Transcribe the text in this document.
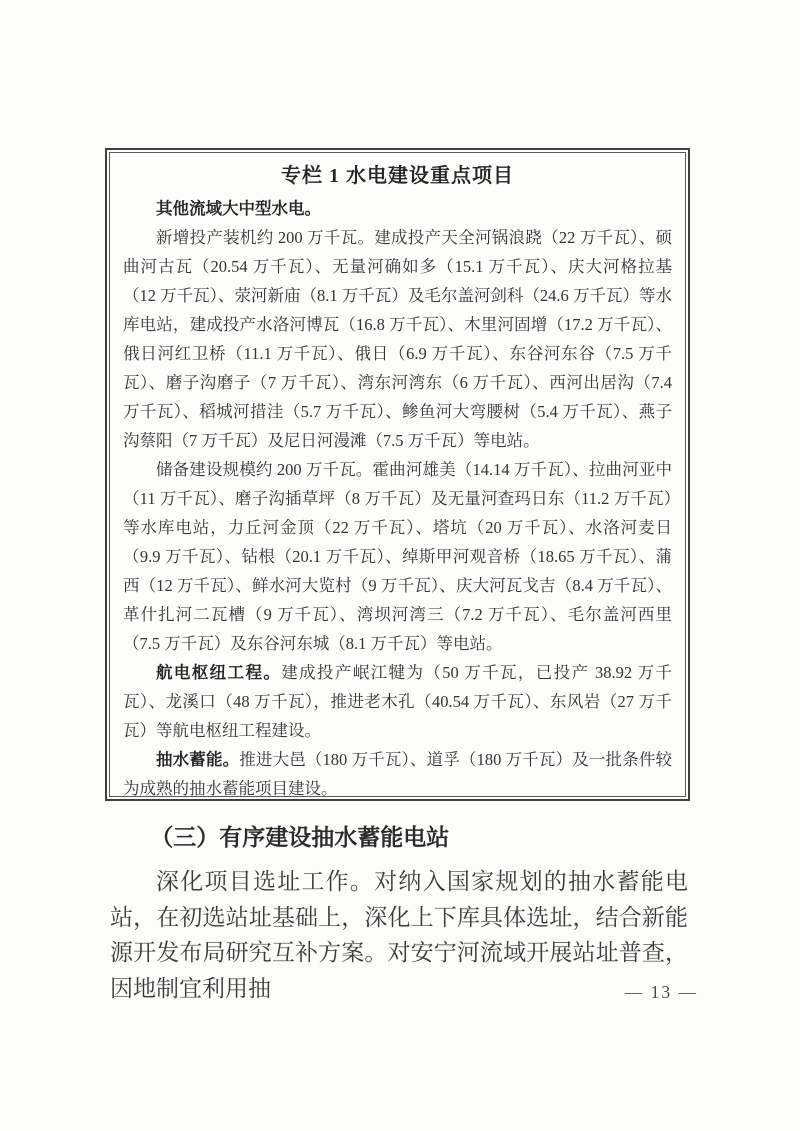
专栏 1 水电建设重点项目

其他流域大中型水电。

新增投产装机约 200 万千瓦。建成投产天全河锅浪跷（22 万千瓦）、硕曲河古瓦（20.54 万千瓦）、无量河确如多（15.1 万千瓦）、庆大河格拉基（12 万千瓦）、荥河新庙（8.1 万千瓦）及毛尔盖河剑科（24.6 万千瓦）等水库电站，建成投产水洛河博瓦（16.8 万千瓦）、木里河固增（17.2 万千瓦）、俄日河红卫桥（11.1 万千瓦）、俄日（6.9 万千瓦）、东谷河东谷（7.5 万千瓦）、磨子沟磨子（7 万千瓦）、湾东河湾东（6 万千瓦）、西河出居沟（7.4 万千瓦）、稻城河措洼（5.7 万千瓦）、鲹鱼河大弯腰树（5.4 万千瓦）、燕子沟蔡阳（7 万千瓦）及尼日河漫滩（7.5 万千瓦）等电站。

储备建设规模约 200 万千瓦。霍曲河雄美（14.14 万千瓦）、拉曲河亚中（11 万千瓦）、磨子沟插草坪（8 万千瓦）及无量河查玛日东（11.2 万千瓦）等水库电站，力丘河金顶（22 万千瓦）、塔坑（20 万千瓦）、水洛河麦日（9.9 万千瓦）、钻根（20.1 万千瓦）、绰斯甲河观音桥（18.65 万千瓦）、蒲西（12 万千瓦）、鲜水河大览村（9 万千瓦）、庆大河瓦戈吉（8.4 万千瓦）、革什扎河二瓦槽（9 万千瓦）、湾坝河湾三（7.2 万千瓦）、毛尔盖河西里（7.5 万千瓦）及东谷河东城（8.1 万千瓦）等电站。

航电枢纽工程。建成投产岷江犍为（50 万千瓦，已投产 38.92 万千瓦）、龙溪口（48 万千瓦），推进老木孔（40.54 万千瓦）、东风岩（27 万千瓦）等航电枢纽工程建设。

抽水蓄能。推进大邑（180 万千瓦）、道孚（180 万千瓦）及一批条件较为成熟的抽水蓄能项目建设。

（三）有序建设抽水蓄能电站

深化项目选址工作。对纳入国家规划的抽水蓄能电站，在初选站址基础上，深化上下库具体选址，结合新能源开发布局研究互补方案。对安宁河流域开展站址普查，因地制宜利用抽	— 13 —
